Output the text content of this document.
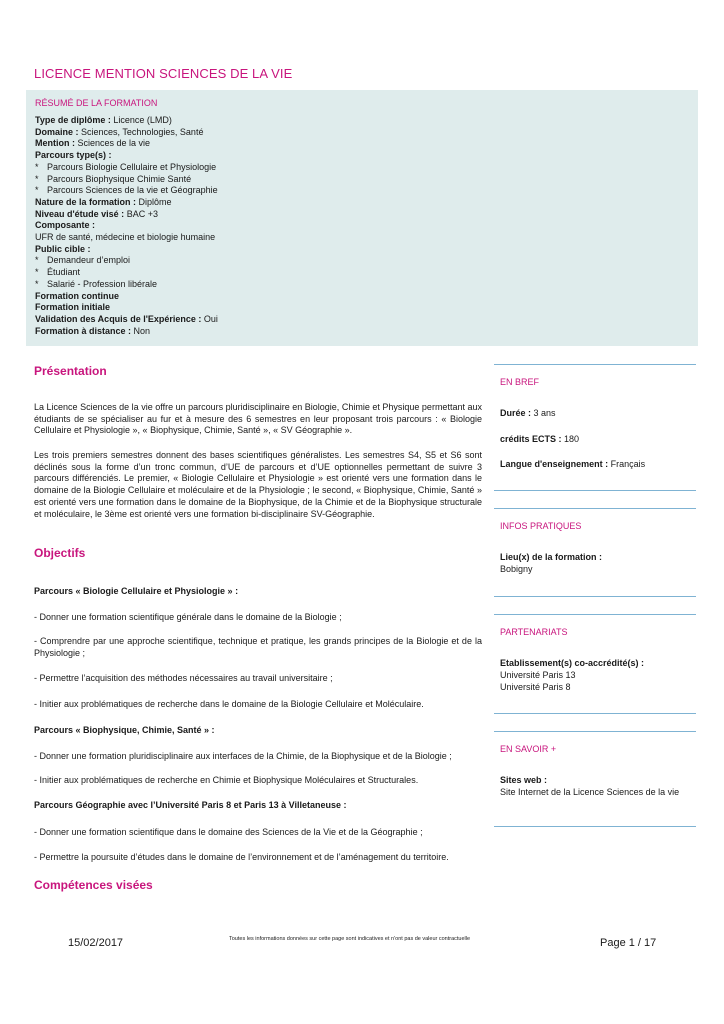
LICENCE MENTION SCIENCES DE LA VIE
RÉSUMÉ DE LA FORMATION
Type de diplôme : Licence (LMD)
Domaine : Sciences, Technologies, Santé
Mention : Sciences de la vie
Parcours type(s) :
* Parcours Biologie Cellulaire et Physiologie
* Parcours Biophysique Chimie Santé
* Parcours Sciences de la vie et Géographie
Nature de la formation : Diplôme
Niveau d'étude visé : BAC +3
Composante :
UFR de santé, médecine et biologie humaine
Public cible :
* Demandeur d’emploi
* Étudiant
* Salarié - Profession libérale
Formation continue
Formation initiale
Validation des Acquis de l'Expérience : Oui
Formation à distance : Non
Présentation
La Licence Sciences de la vie offre un parcours pluridisciplinaire en Biologie, Chimie et Physique permettant aux étudiants de se spécialiser au fur et à mesure des 6 semestres en leur proposant trois parcours : « Biologie Cellulaire et Physiologie », « Biophysique, Chimie, Santé », « SV Géographie ».
Les trois premiers semestres donnent des bases scientifiques généralistes. Les semestres S4, S5 et S6 sont déclinés sous la forme d’un tronc commun, d’UE de parcours et d’UE optionnelles permettant de suivre 3 parcours différenciés. Le premier, « Biologie Cellulaire et Physiologie » est orienté vers une formation dans le domaine de la Biologie Cellulaire et moléculaire et de la Physiologie ; le second, « Biophysique, Chimie, Santé » est orienté vers une formation dans le domaine de la Biophysique, de la Chimie et de la Biophysique structurale et moléculaire, le 3ème est orienté vers une formation bi-disciplinaire SV-Géographie.
Objectifs
Parcours « Biologie Cellulaire et Physiologie » :
- Donner une formation scientifique générale dans le domaine de la Biologie ;
- Comprendre par une approche scientifique, technique et pratique, les grands principes de la Biologie et de la Physiologie ;
- Permettre l’acquisition des méthodes nécessaires au travail universitaire ;
- Initier aux problématiques de recherche dans le domaine de la Biologie Cellulaire et Moléculaire.
Parcours « Biophysique, Chimie, Santé » :
- Donner une formation pluridisciplinaire aux interfaces de la Chimie, de la Biophysique et de la Biologie ;
- Initier aux problématiques de recherche en Chimie et Biophysique Moléculaires et Structurales.
Parcours Géographie avec l’Université Paris 8 et Paris 13 à Villetaneuse :
- Donner une formation scientifique dans le domaine des Sciences de la Vie et de la Géographie ;
- Permettre la poursuite d’études dans le domaine de l’environnement et de l’aménagement du territoire.
Compétences visées
EN BREF
Durée : 3 ans
crédits ECTS : 180
Langue d'enseignement : Français
INFOS PRATIQUES
Lieu(x) de la formation :
Bobigny
PARTENARIATS
Etablissement(s) co-accrédité(s) :
Université Paris 13
Université Paris 8
EN SAVOIR +
Sites web :
Site Internet de la Licence Sciences de la vie
15/02/2017	Toutes les informations données sur cette page sont indicatives et n'ont pas de valeur contractuelle	Page 1 / 17
